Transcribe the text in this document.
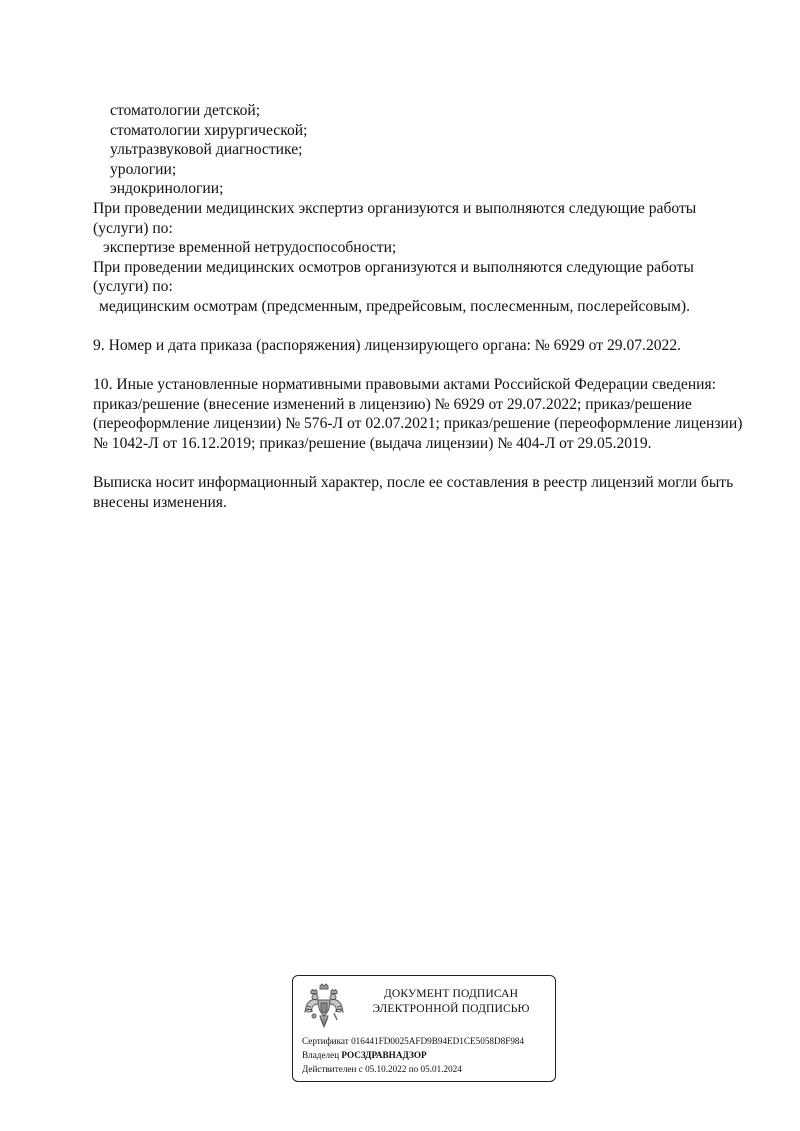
стоматологии детской;
стоматологии хирургической;
ультразвуковой диагностике;
урологии;
эндокринологии;
При проведении медицинских экспертиз организуются и выполняются следующие работы
(услуги) по:
экспертизе временной нетрудоспособности;
При проведении медицинских осмотров организуются и выполняются следующие работы
(услуги) по:
медицинским осмотрам (предсменным, предрейсовым, послесменным, послерейсовым).
9. Номер и дата приказа (распоряжения) лицензирующего органа: № 6929 от 29.07.2022.
10. Иные установленные нормативными правовыми актами Российской Федерации сведения:
приказ/решение (внесение изменений в лицензию) № 6929 от 29.07.2022; приказ/решение
(переоформление лицензии) № 576-Л от 02.07.2021; приказ/решение (переоформление лицензии)
№ 1042-Л от 16.12.2019; приказ/решение (выдача лицензии) № 404-Л от 29.05.2019.
Выписка носит информационный характер, после ее составления в реестр лицензий могли быть
внесены изменения.
ДОКУМЕНТ ПОДПИСАН
ЭЛЕКТРОННОЙ ПОДПИСЬЮ
Сертификат 016441FD0025AFD9B94ED1CE5058D8F984
Владелец РОСЗДРАВНАДЗОР
Действителен с 05.10.2022 по 05.01.2024
